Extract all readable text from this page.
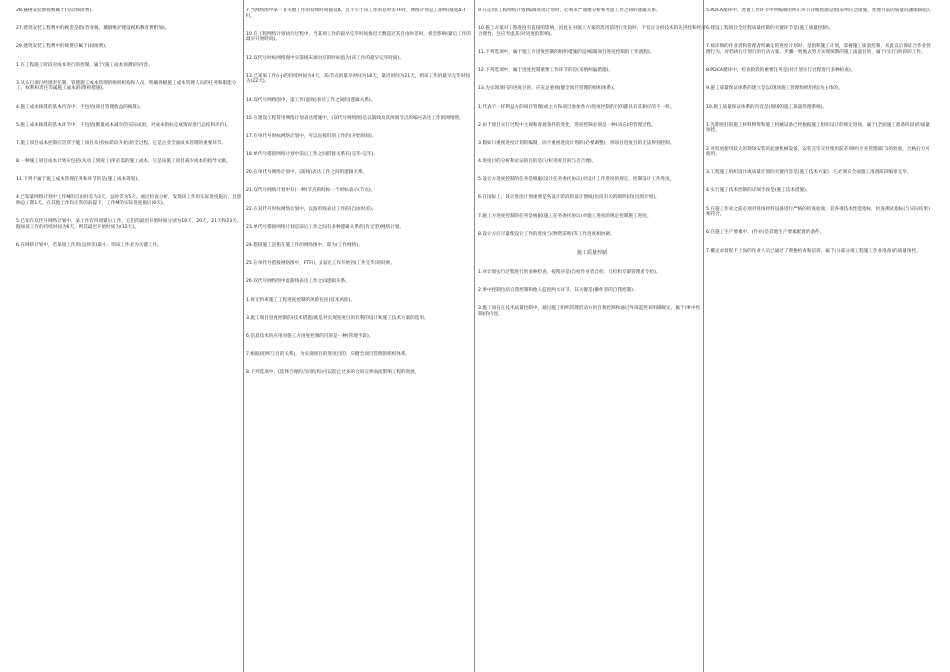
28.悬挑安装承扬整属于(劳动保险费)。

27.建筑安装工程费中的税金是指(营业税、城镇维护建设税和教育费附加)。

29.建筑安装工程费中的规费应属于(间接费)。

1.在工程施工阶段对成本进行的控制，属于(施工成本预测)的内容。

3.从实行项目经理责任制，管理施工成本管理的组织机构和人员，明确各级施工成本管理人员的任务和职能分工，权利和责任等属施工成本的(组织措施)。

4.施工成本核算的基本内容中，不包括(项目管理收益的核算)。

5.施工成本核算的基本环节中，不包括(衡量成本减少的实际成果，对成本指标完成情况进行总结和评价)。

7.施工项目成本控制应贯穿于施工项目从(投标阶段开始)的全过程，它是企业全面成本管理的重要环节。

8.一种施工项目成本计划应包括(从动工到竣工)所必需的施工成本，它是该施工项目减少成本的指导文献。

11.下列不属于施工成本管理任务和环节的是(施工成本筹划)。

4.已知某网络计划中工作M的自由时差为3天，总时差为5天。通过检查分析，发现该工作的实际进度拖后，且影响总工期1天。在其他工作均正常的前提下，工作M的实际进度拖后(6天)。

5.已知在双代号网络计划中，某工作有四项紧后工作，它们的最迟开始时间分别为18天，20天、21天和23天。假如该工作的持续时间为6天，则其最迟开始时间为(12天)。

6.在网络计划中，若某项工作的(总时差)最小，则该工作必为关键工作。

7.当网络图中某一非关键工作的持续时间拖延Δ，且不小于该工作的总时差TF时，网络计划总工期将(拖延Δ-TF)。

10.在工程网络计划执行过程中，当某项工作的最早完毕时间推迟天数超过其自由时差时，将会影响(紧后工作的最早开始时间)。

12.双代号时标网络图中实箭线末端对应的时标值为(该工作的最早完毕时间)。

13.已知某工作(i-j)的持续时间为4天，其i节点的最早时间为18天，最迟时间为21天，则该工作的最早完毕时间为(22天)。

14.双代号网络图中，虚工作(虚线)表达工作之间的(逻辑关系)。

15.在建设工程常用网络计划表达措施中，(双代号网络图)是以箭线及其两端节点的编号表达工作的网络图。

17.在单代号时标网络计划中，可以直接识别工作的(开始时间)。

18.单代号搭接网络计划中前后工作之间搭接关系有(完毕-完毕)。

20.在单代号网络计划中，(箭线)表达工作之间的逻辑关系。

21.双代号网络计划中有(一种)节点的时标一个时标表示(节点)。

22.在双代号时标网络计划中，以波形线表达工作的(自由时差)。

23.单代号搭接网络计划是前后工作之间有多种逻辑关系的(肯定型)网络计划。

24.搭接施工是指在施工作的网络图中，即为(工作网络)。

25.在单代号搭接网络图中，FTF(i，j)表达工作开始到(工作完毕)的时距。

26.双代号网络图中虚箭线表达工作之间逻辑关系。

1.将无约束施工工程进度控制的风险包括(技术风险)。

3.施工项目进度控制的(技术措施)就是对实现进度目的有利的设计和施工技术方案的选用。

6.信息技术的应用对施工方进度控制的目的是一种(管理手段)。

7.根据(组织与目的关系)，为实现项目的进度目的，应健全项目管理的组织体系。

8.下列选项中，(选择合理的合同结构)可以防止过多的合同交界面而影响工程的进展。

9.在运用(工程网络计划)编制进度计划时，必须采严谨地分析和考虑工作之间的逻辑关系。

10.施工方案对工程进度有直接的影响，因此在对施工方案的选用前进行比较时，不仅应分析技术的先进性和经济合理性，还应考虑其(对进度的影响)。

11.下列选项中，属于施工方进度控制的组织措施的是(编制项目进度控制的工作流程)。

12.下列选项中，属于进度控制重要工作环节的是(采纳纠偏措施)。

13.为实现项目的进度目的，应充足重视(健全项目管理的组织体系)。

1.代表不一样利益方的项目管理(或主方和项目参加各方)进度控制的目的都具有其相应的不一样。

2.由于项目实行过程中主观和客观条件的变化，进度控制必须是一种(动态)的管理过程。

3.假如只重视进度计划的编制，而不重视进度计划的(必要调整)，则项目进度目的无法得到控制。

4.进度目的分析和论证的目的是(分析进度目的与否合理)。

5.设计方进度控制的任务是根据(设计任务委托协议)对设计工作进度的规定，控制设计工作进度。

6.在国际上，设计进度计划重要是各设计阶段的设计图纸(包括有关的阐明)的(出图计划)。

7.施工方进度控制的任务是根据(施工任务委托协议)对施工进度的规定控制施工进度。

8.设计方应尽量使设计工作的进度与(物资采购)等工作进度相协调。

施工质量控制

1.对计划实行过程进行的多种检查，按程序是(自检作业者自检、互检和专职管理者专检)。

2.事中控制包括自我控制和他人监控两大环节，其关键是(操作者的自我控制)。

3.施工项目在技术质量控制中，通过施工组织管理活动方的自我控制和通过外部监控来明确规定，属于(事中控制)的内容。

5.PDCA循环中，处置工作环节中所编制的纠正环节详细措施是指(采纳应急措施，处理目前的质量问题或缺陷)。

6.建设工程项目全过程质量控制的关键环节是(施工质量控制)。

7.按详细的作业者和管理者所确定的进度计划时、是指和施工计划，掌握施工质量控制，从此以后保证合作业管理行为，对档执行计划行的行动方案，步骤一致地去努力实现预期的施工质量目的，属于(实行)阶段的工作。

8.PDCA循环中，检查阶段的重要任务是(对计划实行过程进行多种检查)。

9.施工质量保证体系的建立是以(现场施工管理组织机构)为主体的。

10.施工质量保证体系的内容是(现场的施工质量管理系统)。

1.先期进驻的施工材料物资和施工机械设备已经根据施工组织设计的规定进场，属于(全面施工准备阶段)的质量预控。

2.对投放使用较大的现场安装的起重机械设备，安装完毕交付使用前必须经(专业管理部门)的验收，合格后方可使用。

3.工程施工组织设计或质量计划的关键内容是(施工技术方案)，它必须在全面施工准备阶段编审完毕。

4.实行施工技术控制的详细手段是(施工技术措施)。

5.在施工作业之前必须对进场材料设备进行严格的检查验收，其各项技术性能指标，检查测试指标(与实际结果)相符合。

6.在施工生产要素中，(作业)是其他生产要素配置的条件。

7.概定求督促不上岗的作业人员已通过了资格检查和培训，属于(分部分项工程施工作业准备)的质量预控。
